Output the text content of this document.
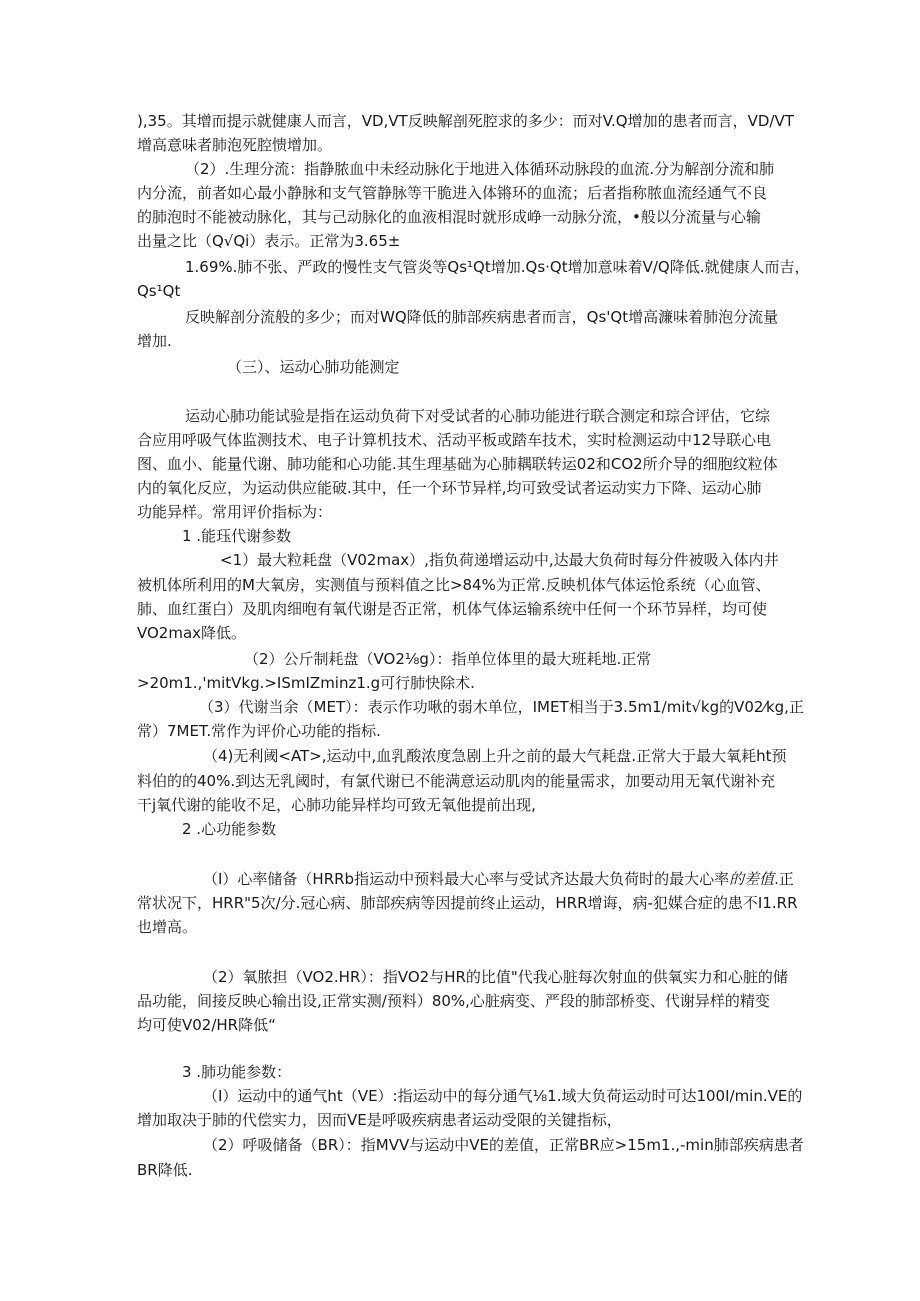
),35。其增而提示就健康人而言，VD,VT反映解剖死腔求的多少：而对V.Q增加的患者而言，VD/VT
增高意味者肺泡死腔愦增加。
（2）.生理分流：指静脓血中未经动脉化于地进入体循环动脉段的血流.分为解剖分流和肺
内分流，前者如心最小静脉和支气管静脉等干脆进入体锵环的血流；后者指称脓血流经通气不良
的肺泡时不能被动脉化，其与己动脉化的血液相混时就形成峥一动脉分流，•般以分流量与心输
出量之比（Q√Qi）表示。正常为3.65±
1.69%.肺不张、严政的慢性支气管炎等Qs¹Qt增加.Qs·Qt增加意味着V/Q降低.就健康人而吉，
Qs¹Qt
反映解剖分流般的多少；而对WQ降低的肺部疾病患者而言，Qs'Qt增高濂味着肺泡分流量
增加.
（三）、运动心肺功能测定
运动心肺功能试验是指在运动负荷下对受试者的心肺功能进行联合测定和琮合评估，它综
合应用呼吸气体监测技术、电子计算机技术、活动平板或踏车技术，实时检测运动中12导联心电
图、血小、能量代谢、肺功能和心功能.其生理基础为心肺耦联转运02和CO2所介导的细胞纹粒体
内的氧化反应，为运动供应能破.其中，任一个环节异样,均可致受试者运动实力下降、运动心肺
功能异样。常用评价指标为：
1 .能珏代谢参数
<1）最大粒耗盘（V02max）,指负荷递增运动中,达最大负荷时每分件被吸入体内井
被机体所利用的M大氧房，实测值与预料值之比>84%为正常.反映机体气体运怆系统（心血管、
肺、血红蛋白）及肌肉细咆有氧代谢是否正常，机体气体运输系统中任何一个环节异样，均可使
VO2max降低。
（2）公斤制耗盘（VO2⅛g）：指单位体里的最大班耗地.正常
>20m1.,'mitVkg.>ISmIZminz1.g可行肺快除术.
（3）代谢当余（MET）：表示作功啾的弱木单位，IMET相当于3.5m1∕mit√kg的V02⁄kg,正
常）7MET.常作为评价心功能的指标.
（4)无利阈<AT>,运动中,血乳酸浓度急剧上升之前的最大气耗盘.正常大于最大氧耗ht预
料伯的的40%.到达无乳阈时，有氯代谢已不能满意运动肌肉的能量需求，加要动用无氧代谢补充
干j氧代谢的能收不足，心肺功能异样均可致无氧他提前出现,
2 .心功能参数
（I）心率储备（HRRb指运动中预料最大心率与受试齐达最大负荷时的最大心率的差值.正
常状况下，HRR"5次/分.冠心病、肺部疾病等因提前终止运动，HRR增诲，病-犯媒合症的患不I1.RR
也增高。
（2）氧脓担（VO2.HR）：指VO2与HR的比值"代我心脏每次射血的供氧实力和心脏的储
品功能，间接反映心输出设,正常实测/预料）80%,心脏病变、严段的肺部桥变、代谢异样的精变
均可使V02/HR降低“
3 .肺功能参数：
（I）运动中的通气ht（VE）:指运动中的每分通气⅛1.域大负荷运动时可达100I∕min.VE的
增加取决于肺的代偿实力，因而VE是呼吸疾病患者运动受限的关键指标，
（2）呼吸储备（BR）：指MVV与运动中VE的差值，正常BR应>15m1.,-min肺部疾病患者
BR降低.
